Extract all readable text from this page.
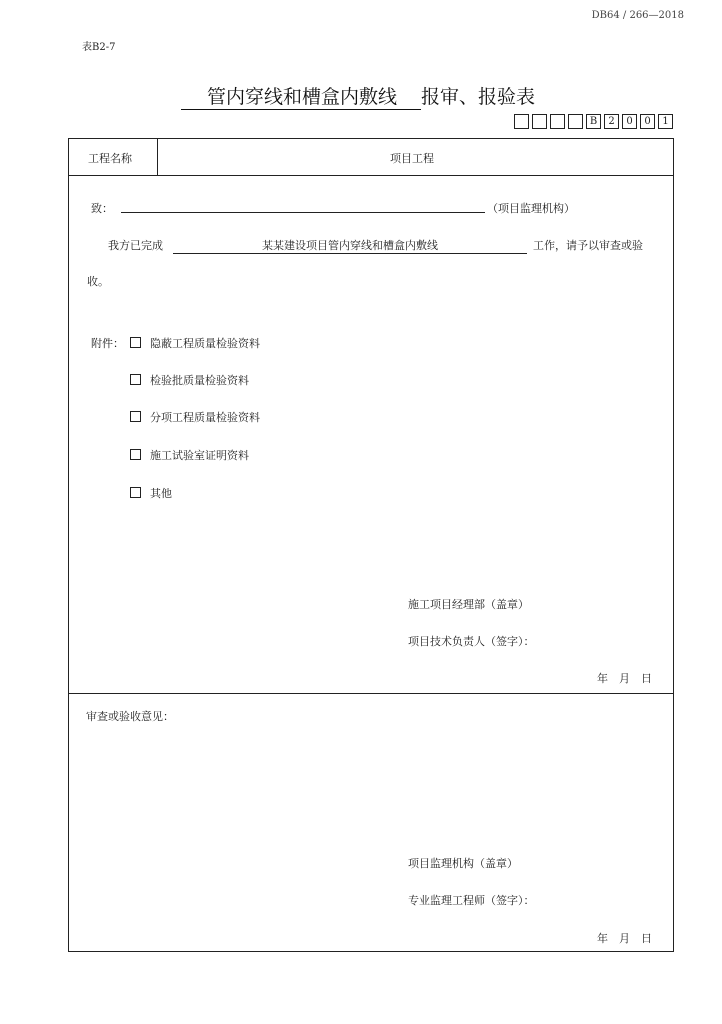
DB64 / 266—2018
表B2-7
管内穿线和槽盒内敷线 报审、报验表
B	2	0	0	1
工程名称	项目工程
致：	（项目监理机构）
我方已完成	某某建设项目管内穿线和槽盒内敷线	工作，请予以审查或验
收。
附件：	隐蔽工程质量检验资料
检验批质量检验资料
分项工程质量检验资料
施工试验室证明资料
其他
施工项目经理部（盖章）
项目技术负责人（签字）：
年　月　日
审查或验收意见：
项目监理机构（盖章）
专业监理工程师（签字）：
年　月　日
